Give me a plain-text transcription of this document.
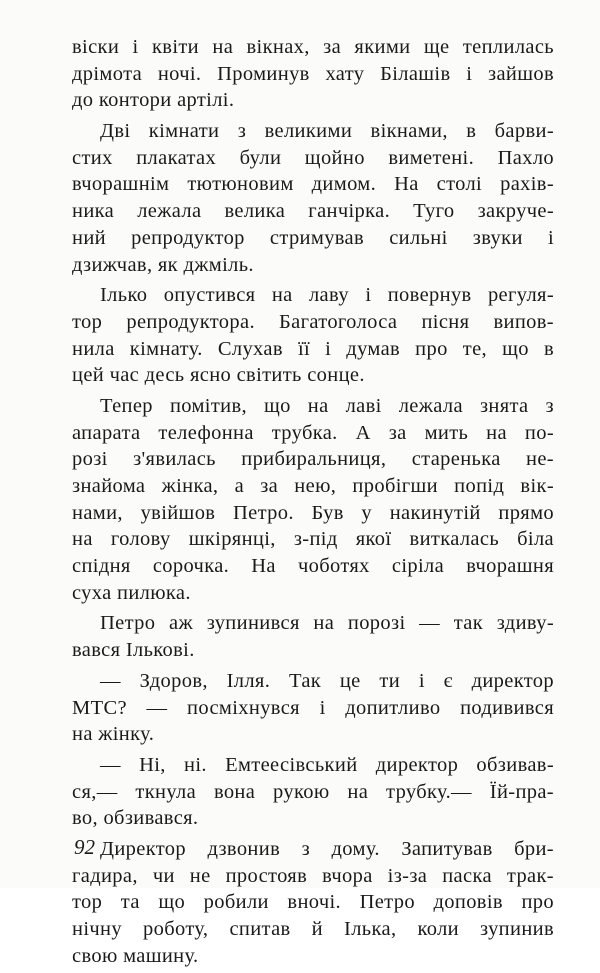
віски і квіти на вікнах, за якими ще теплилась
дрімота ночі. Проминув хату Білашів і зайшов
до контори артілі.
Дві кімнати з великими вікнами, в барви-
стих плакатах були щойно виметені. Пахло
вчорашнім тютюновим димом. На столі рахів-
ника лежала велика ганчірка. Туго закруче-
ний репродуктор стримував сильні звуки і
дзижчав, як джміль.
Ілько опустився на лаву і повернув регуля-
тор репродуктора. Багатоголоса пісня випов-
нила кімнату. Слухав її і думав про те, що в
цей час десь ясно світить сонце.
Тепер помітив, що на лаві лежала знята з
апарата телефонна трубка. А за мить на по-
розі з'явилась прибиральниця, старенька не-
знайома жінка, а за нею, пробігши попід вік-
нами, увійшов Петро. Був у накинутій прямо
на голову шкірянці, з-під якої виткалась біла
спідня сорочка. На чоботях сіріла вчорашня
суха пилюка.
Петро аж зупинився на порозі — так здиву-
вався Ількові.
— Здоров, Ілля. Так це ти і є директор
МТС? — посміхнувся і допитливо подивився
на жінку.
— Ні, ні. Емтеесівський директор обзивав-
ся,— ткнула вона рукою на трубку.— Їй-пра-
во, обзивався.
Директор дзвонив з дому. Запитував бри-
гадира, чи не простояв вчора із-за паска трак-
тор та що робили вночі. Петро доповів про
нічну роботу, спитав й Ілька, коли зупинив
свою машину.
92
